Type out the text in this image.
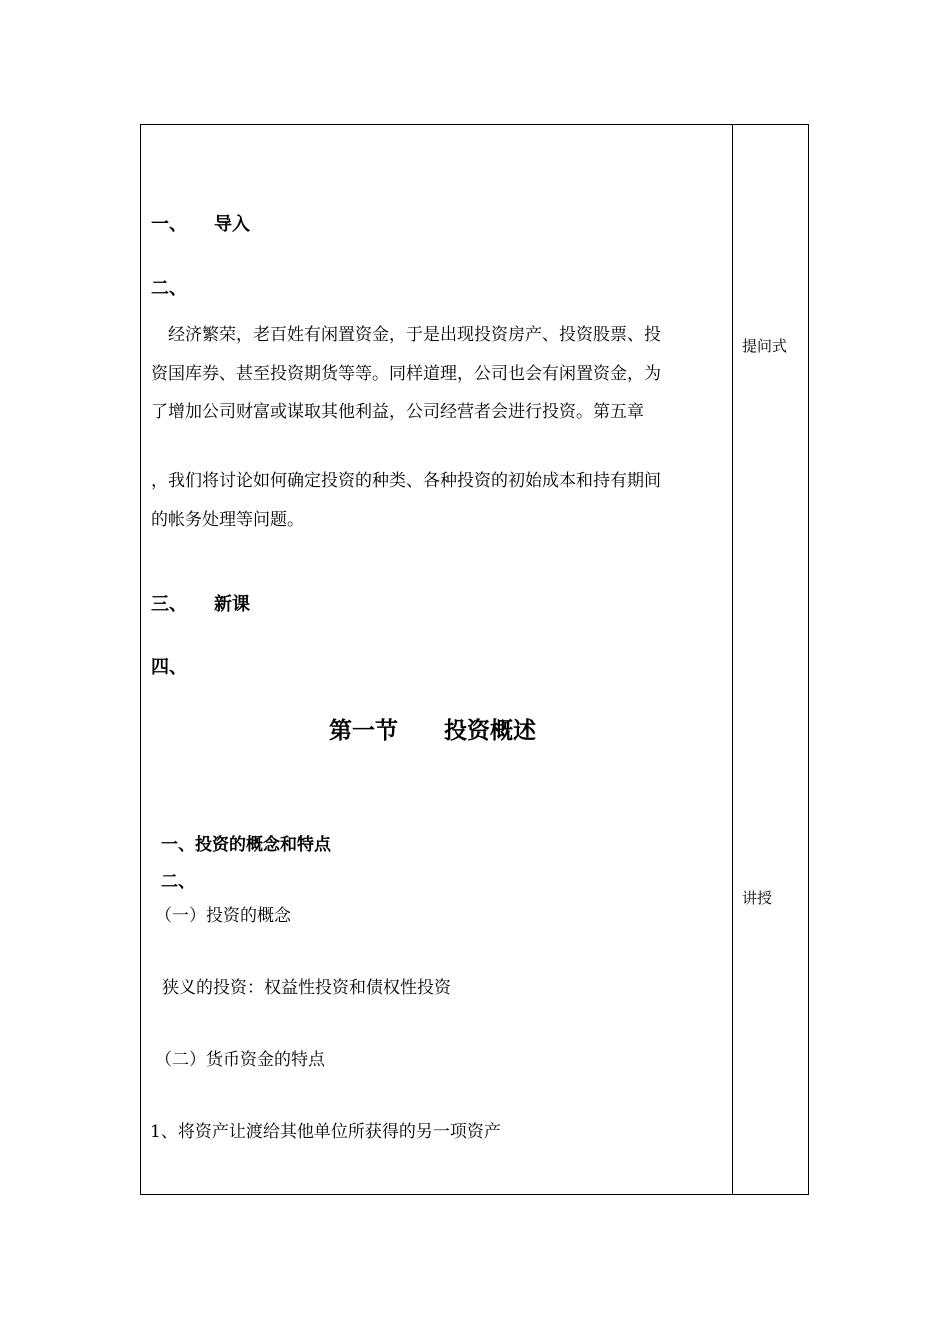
一、　　导入
二、
　经济繁荣，老百姓有闲置资金，于是出现投资房产、投资股票、投
资国库券、甚至投资期货等等。同样道理，公司也会有闲置资金，为
了增加公司财富或谋取其他利益，公司经营者会进行投资。第五章
，我们将讨论如何确定投资的种类、各种投资的初始成本和持有期间
的帐务处理等问题。
三、　　新课
四、
第一节　　投资概述
一、投资的概念和特点
二、
（一）投资的概念
狭义的投资：权益性投资和债权性投资
（二）货币资金的特点
1、将资产让渡给其他单位所获得的另一项资产
提问式
讲授
